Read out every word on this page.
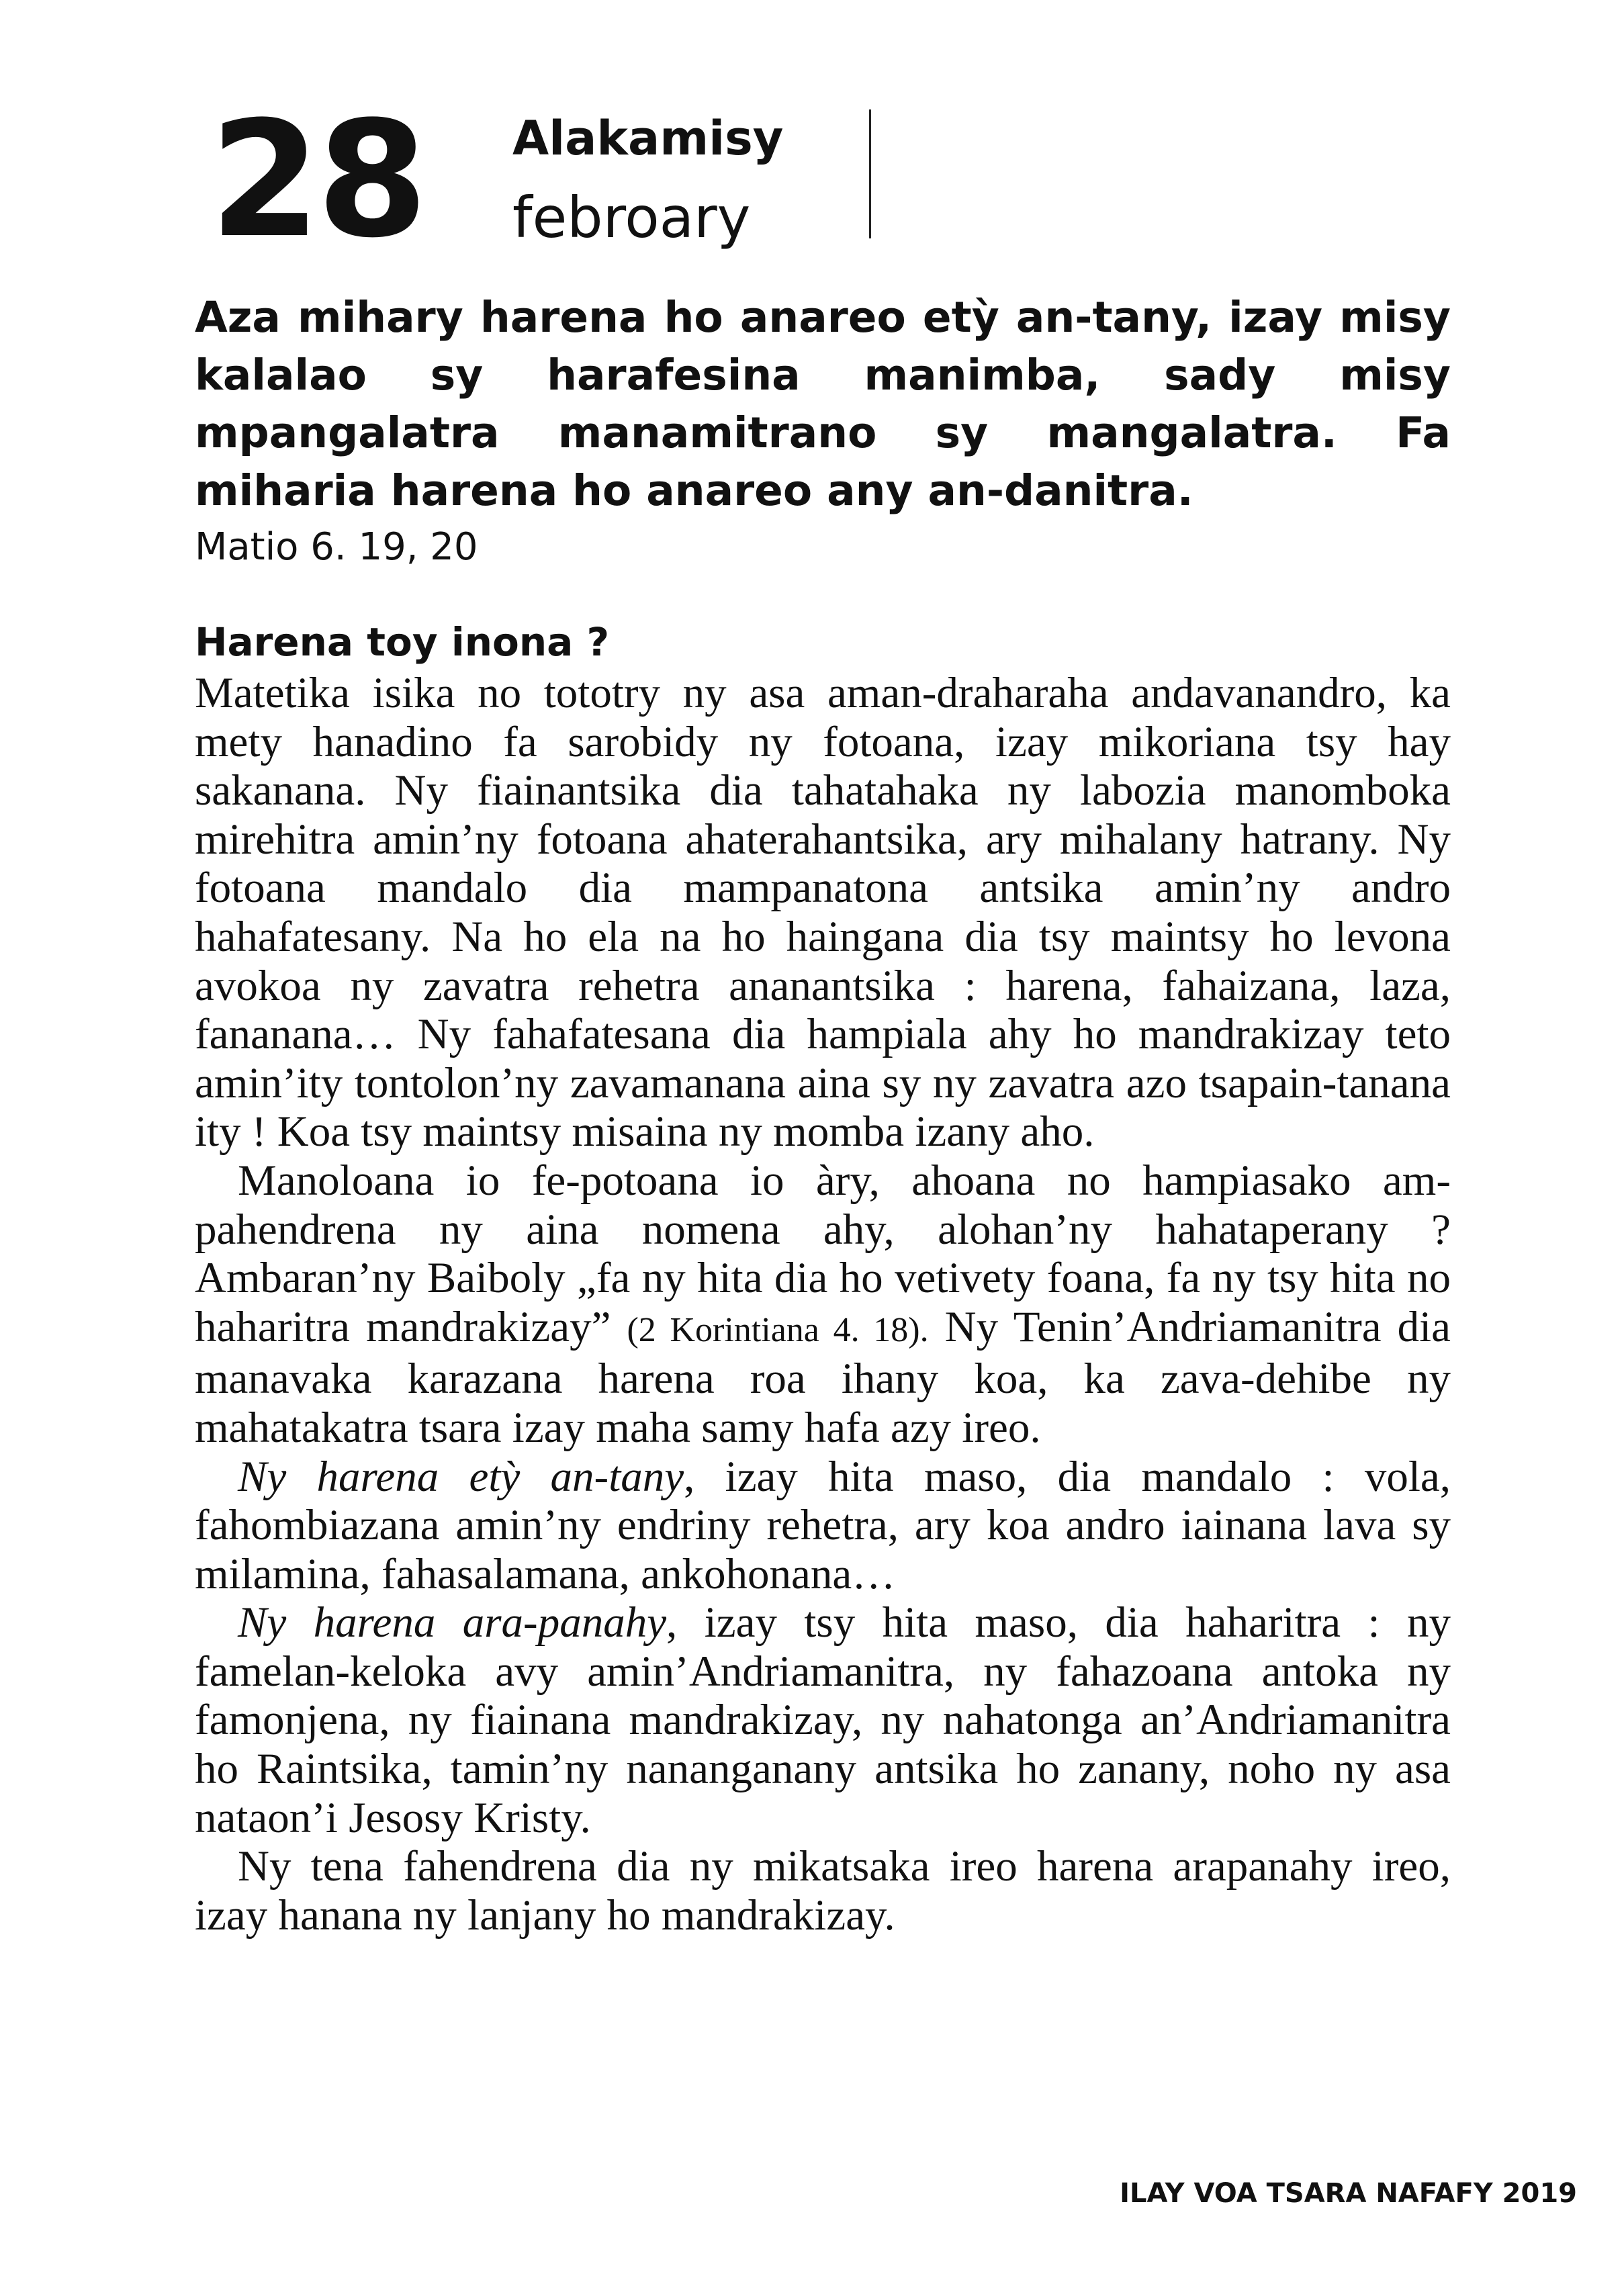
28 Alakamisy
febroary

Aza mihary harena ho anareo etỳ an-tany, izay misy kalalao sy harafesina manimba, sady misy mpangalatra manamitrano sy mangalatra. Fa miharia harena ho anareo any an-danitra.

Matio 6. 19, 20
Harena toy inona ?

Matetika isika no tototry ny asa aman-draharaha andavanandro, ka mety hanadino fa sarobidy ny fotoana, izay mikoriana tsy hay sakanana. Ny fiainantsika dia tahatahaka ny labozia manomboka mirehitra amin’ny fotoana ahaterahantsika, ary mihalany hatrany. Ny fotoana mandalo dia mampanatona antsika amin’ny andro hahafatesany. Na ho ela na ho haingana dia tsy maintsy ho levona avokoa ny zavatra rehetra ananantsika : harena, fahaizana, laza, fananana… Ny fahafatesana dia hampiala ahy ho mandrakizay teto amin’ity tontolon’ny zavamanana aina sy ny zavatra azo tsapain-tanana ity ! Koa tsy maintsy misaina ny momba izany aho.

Manoloana io fe-potoana io àry, ahoana no hampiasako am-pahendrena ny aina nomena ahy, alohan’ny hahataperany ? Ambaran’ny Baiboly „fa ny hita dia ho vetivety foana, fa ny tsy hita no haharitra mandrakizay” (2 Korintiana 4. 18). Ny Tenin’Andriamanitra dia manavaka karazana harena roa ihany koa, ka zava-dehibe ny mahatakatra tsara izay maha samy hafa azy ireo.

Ny harena etỳ an-tany, izay hita maso, dia mandalo : vola, fahombiazana amin’ny endriny rehetra, ary koa andro iainana lava sy milamina, fahasalamana, ankohonana…

Ny harena ara-panahy, izay tsy hita maso, dia haharitra : ny famelan-keloka avy amin’Andriamanitra, ny fahazoana antoka ny famonjena, ny fiainana mandrakizay, ny nahatonga an’Andriamanitra ho Raintsika, tamin’ny nananganany antsika ho zanany, noho ny asa nataon’i Jesosy Kristy.

Ny tena fahendrena dia ny mikatsaka ireo harena arapanahy ireo, izay hanana ny lanjany ho mandrakizay.

ILAY VOA TSARA NAFAFY 2019
